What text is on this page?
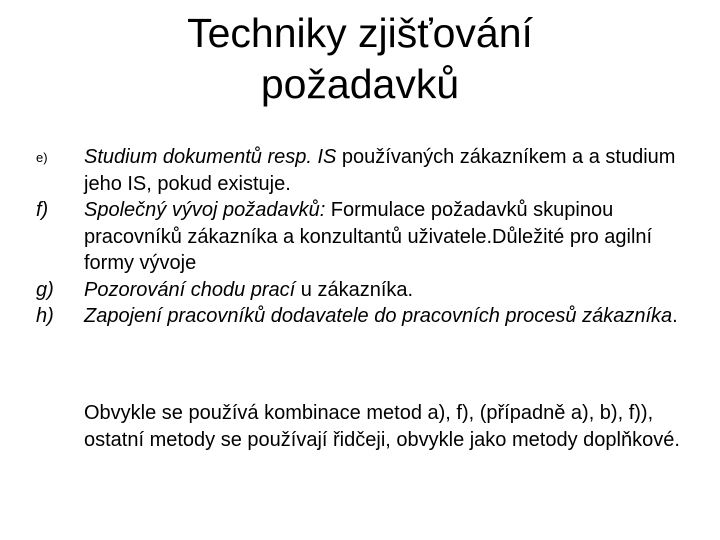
Techniky zjišťování
požadavků
e) Studium dokumentů resp. IS používaných zákazníkem a a studium jeho IS, pokud existuje.
f) Společný vývoj požadavků: Formulace požadavků skupinou pracovníků zákazníka a konzultantů uživatele.Důležité pro agilní formy vývoje
g) Pozorování chodu prací u zákazníka.
h) Zapojení pracovníků dodavatele do pracovních procesů zákazníka.

Obvykle se používá kombinace metod a), f), (případně a), b), f)), ostatní metody se používají řidčeji, obvykle jako metody doplňkové.
